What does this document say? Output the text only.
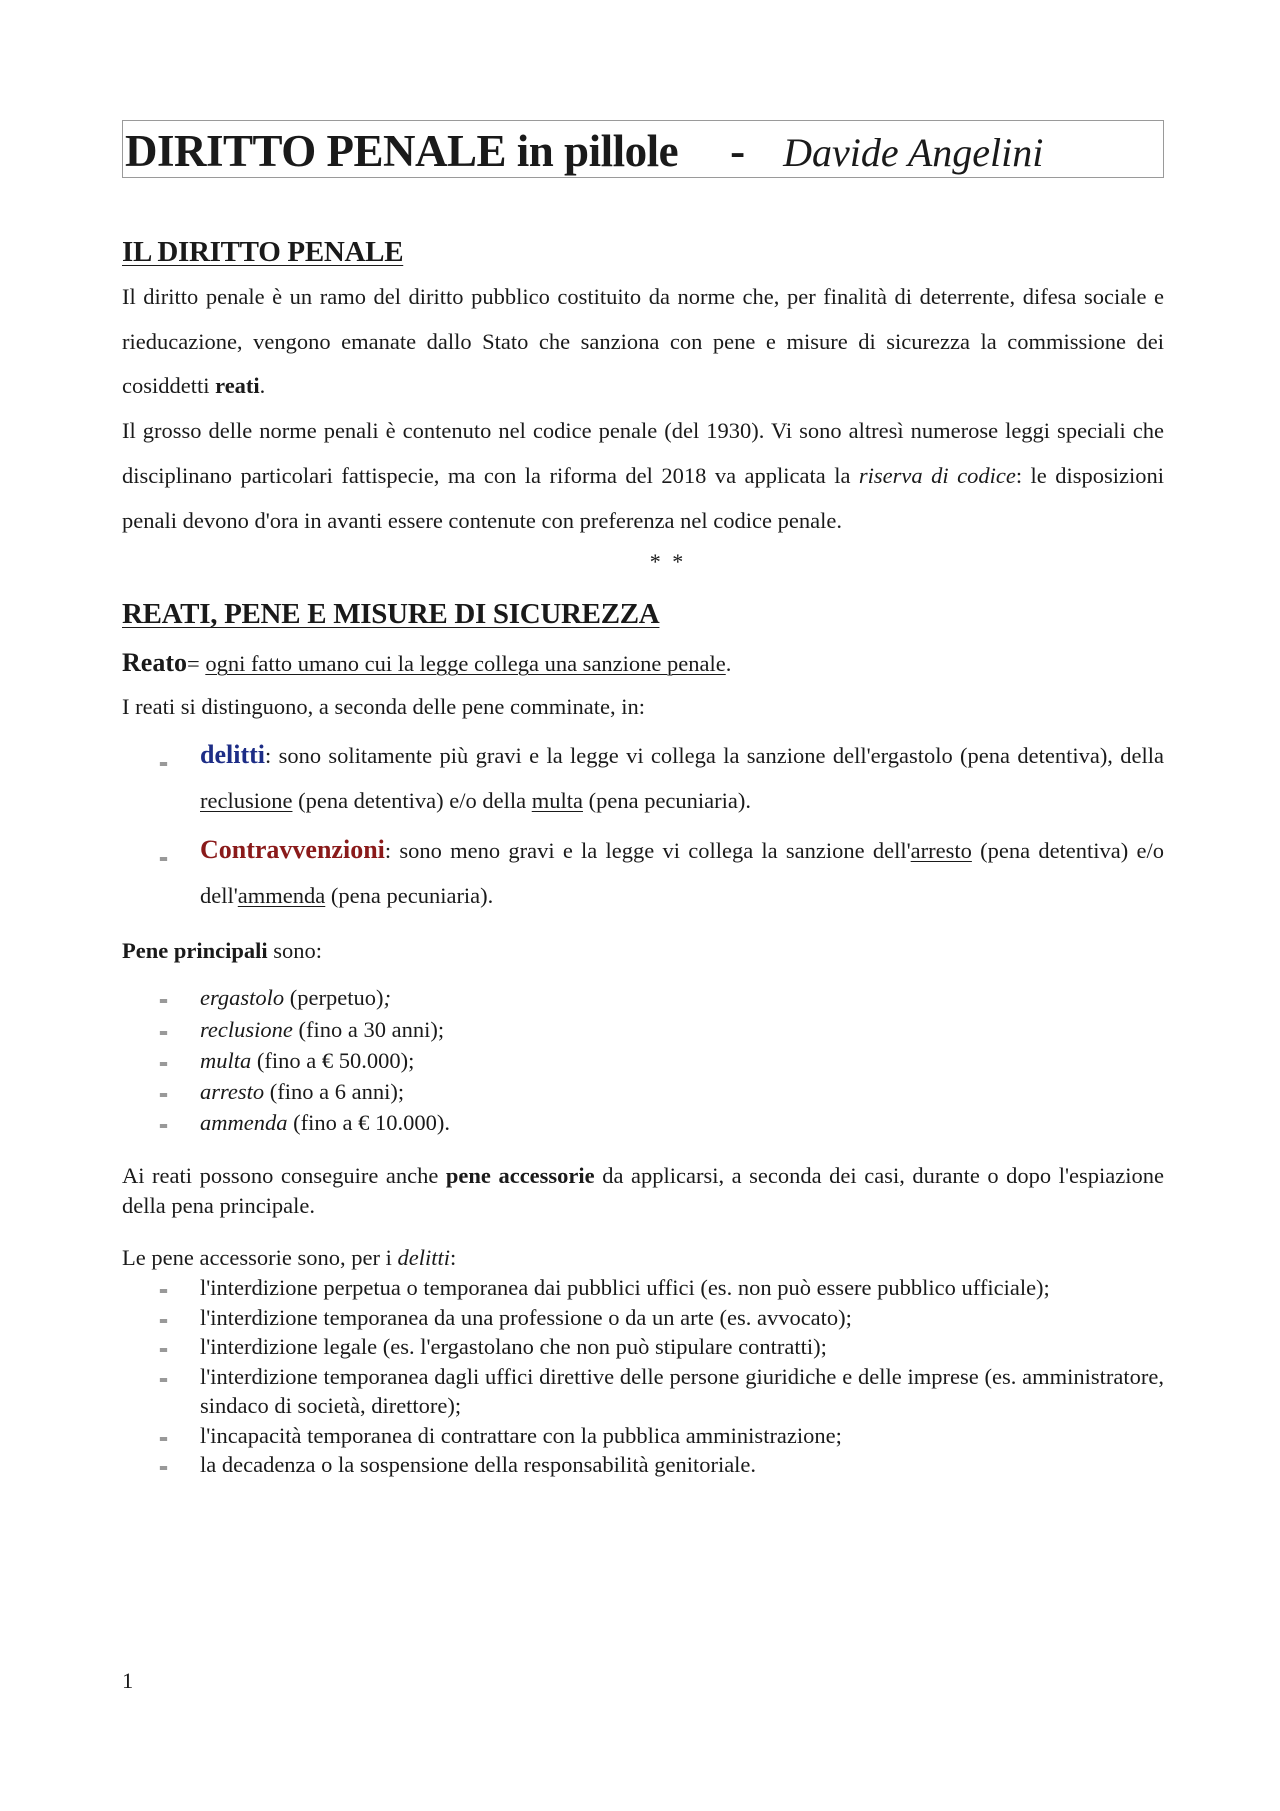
DIRITTO PENALE in pillole - Davide Angelini
IL DIRITTO PENALE

Il diritto penale è un ramo del diritto pubblico costituito da norme che, per finalità di deterrente, difesa sociale e rieducazione, vengono emanate dallo Stato che sanziona con pene e misure di sicurezza la commissione dei cosiddetti reati.

Il grosso delle norme penali è contenuto nel codice penale (del 1930). Vi sono altresì numerose leggi speciali che disciplinano particolari fattispecie, ma con la riforma del 2018 va applicata la riserva di codice: le disposizioni penali devono d'ora in avanti essere contenute con preferenza nel codice penale.

* *
REATI, PENE E MISURE DI SICUREZZA
Reato= ogni fatto umano cui la legge collega una sanzione penale.
I reati si distinguono, a seconda delle pene comminate, in:
‗ delitti: sono solitamente più gravi e la legge vi collega la sanzione dell'ergastolo (pena detentiva), della reclusione (pena detentiva) e/o della multa (pena pecuniaria).
‗ Contravvenzioni: sono meno gravi e la legge vi collega la sanzione dell'arresto (pena detentiva) e/o dell'ammenda (pena pecuniaria).
Pene principali sono:
‗ ergastolo (perpetuo);
‗ reclusione (fino a 30 anni);
‗ multa (fino a € 50.000);
‗ arresto (fino a 6 anni);
‗ ammenda (fino a € 10.000).

Ai reati possono conseguire anche pene accessorie da applicarsi, a seconda dei casi, durante o dopo l'espiazione della pena principale.

Le pene accessorie sono, per i delitti:
‗ l'interdizione perpetua o temporanea dai pubblici uffici (es. non può essere pubblico ufficiale);
‗ l'interdizione temporanea da una professione o da un arte (es. avvocato);
‗ l'interdizione legale (es. l'ergastolano che non può stipulare contratti);
‗ l'interdizione temporanea dagli uffici direttive delle persone giuridiche e delle imprese (es. amministratore, sindaco di società, direttore);
‗ l'incapacità temporanea di contrattare con la pubblica amministrazione;
‗ la decadenza o la sospensione della responsabilità genitoriale.
1
